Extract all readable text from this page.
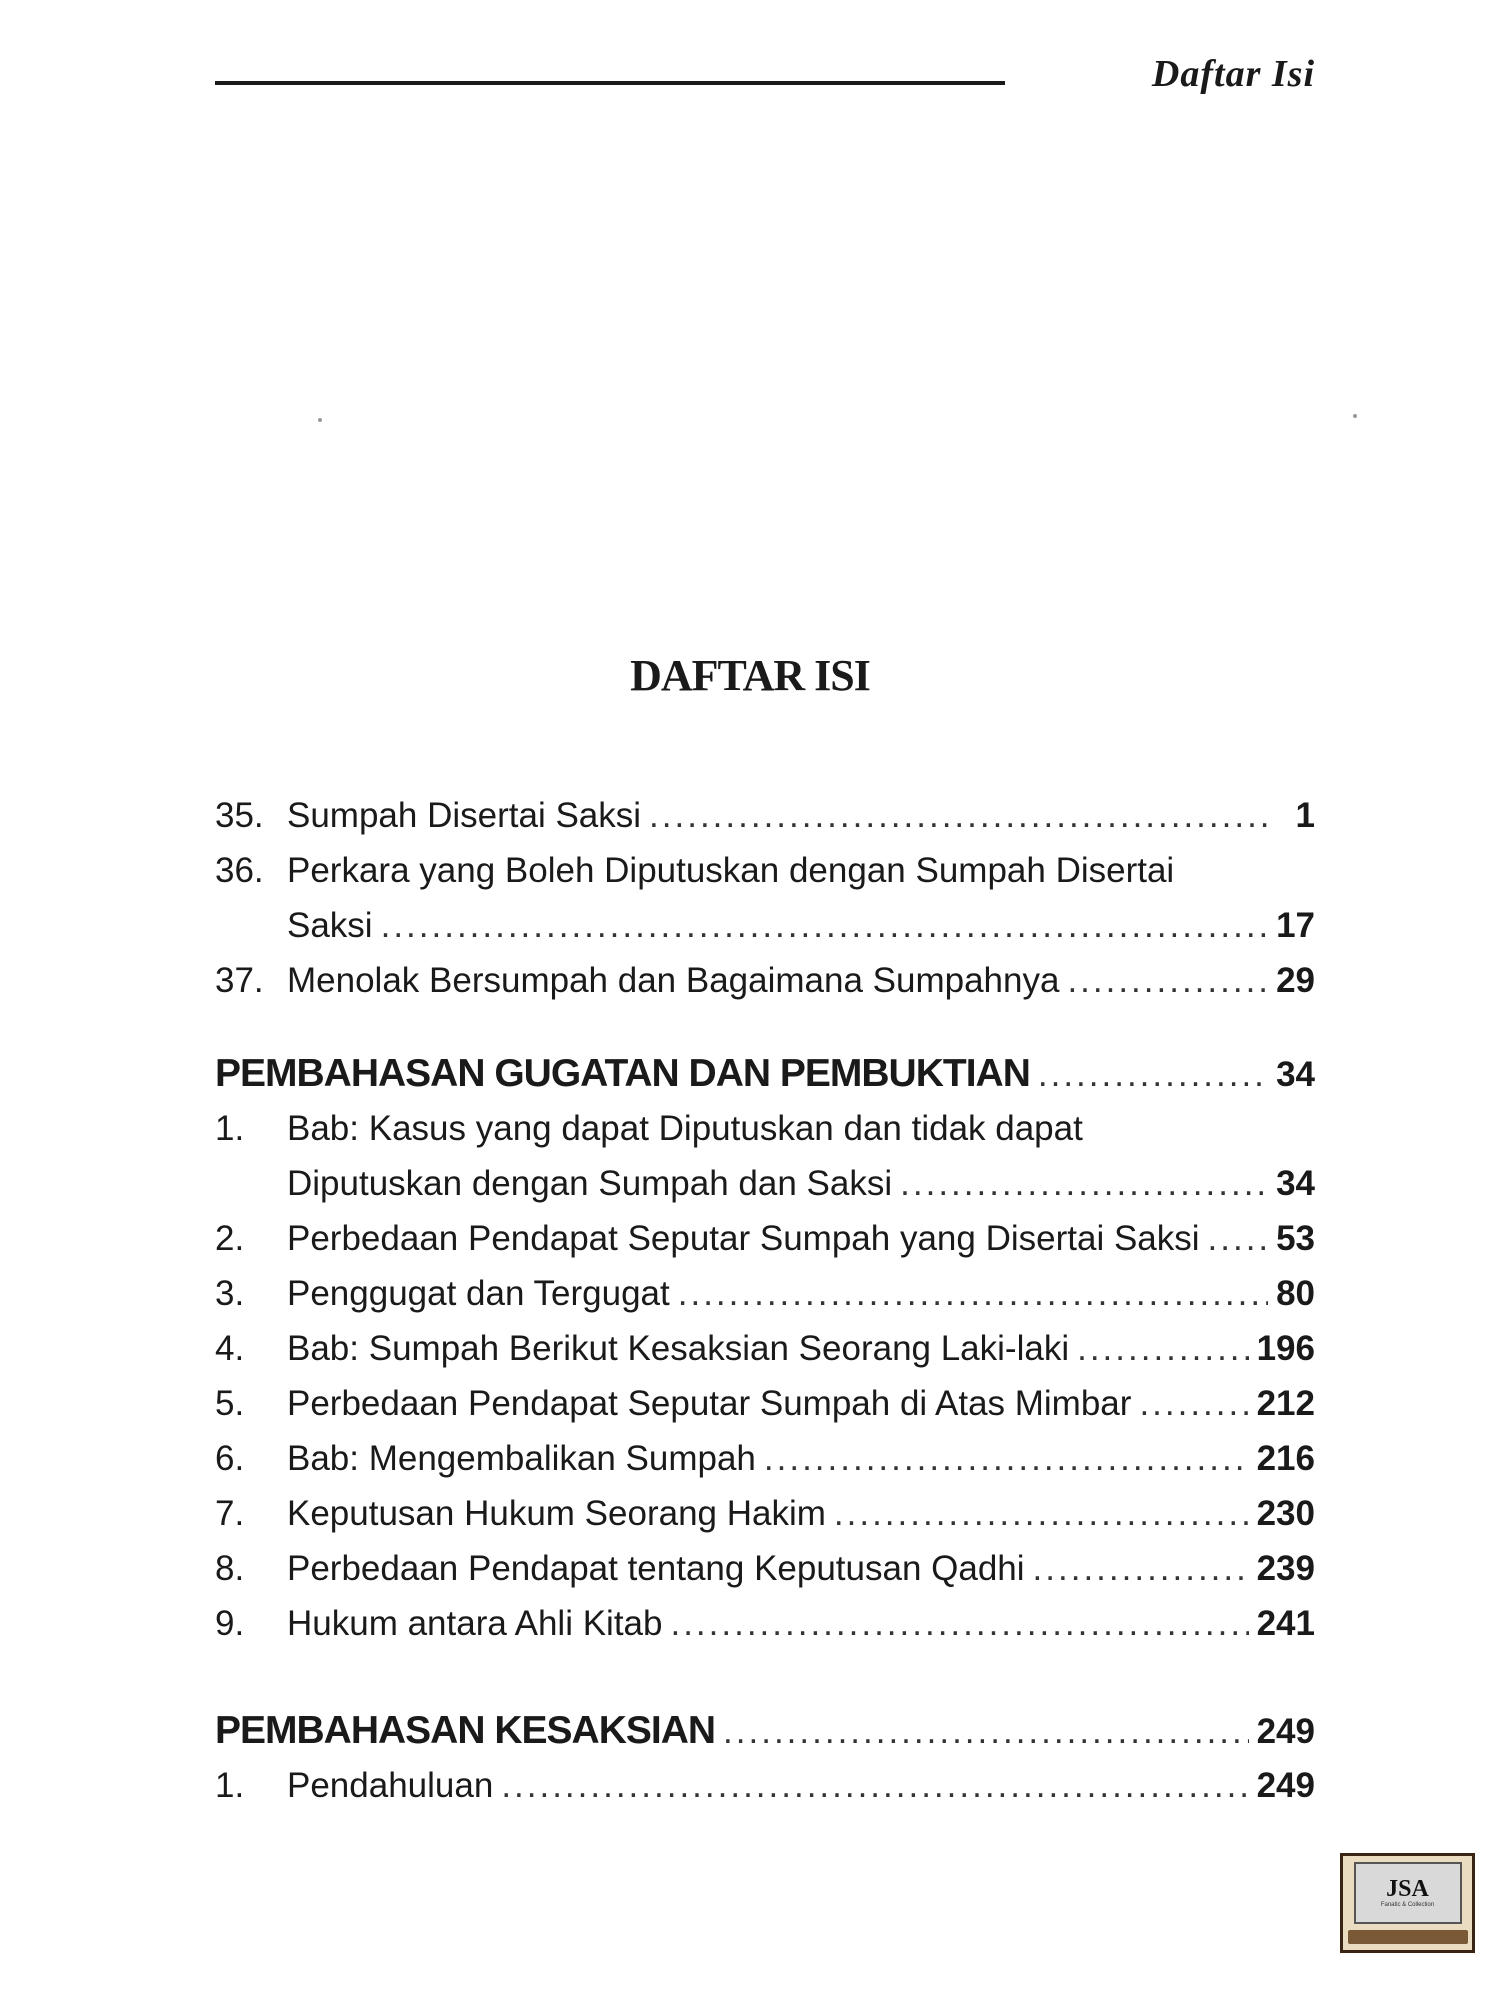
Daftar Isi
DAFTAR ISI
35. Sumpah Disertai Saksi .....	1
36. Perkara yang Boleh Diputuskan dengan Sumpah Disertai
Saksi .....	17
37. Menolak Bersumpah dan Bagaimana Sumpahnya .....	29
PEMBAHASAN GUGATAN DAN PEMBUKTIAN .....	34
1.	Bab: Kasus yang dapat Diputuskan dan tidak dapat
Diputuskan dengan Sumpah dan Saksi .....	34
2.	Perbedaan Pendapat Seputar Sumpah yang Disertai Saksi ..... 53
3.	Penggugat dan Tergugat .....	80
4.	Bab: Sumpah Berikut Kesaksian Seorang Laki-laki .....	196
5.	Perbedaan Pendapat Seputar Sumpah di Atas Mimbar .....	212
6.	Bab: Mengembalikan Sumpah .....	216
7.	Keputusan Hukum Seorang Hakim .....	230
8.	Perbedaan Pendapat tentang Keputusan Qadhi .....	239
9.	Hukum antara Ahli Kitab .....	241
PEMBAHASAN KESAKSIAN .....	249
1.	Pendahuluan .....	249
JSA
Fanatic & Collection
